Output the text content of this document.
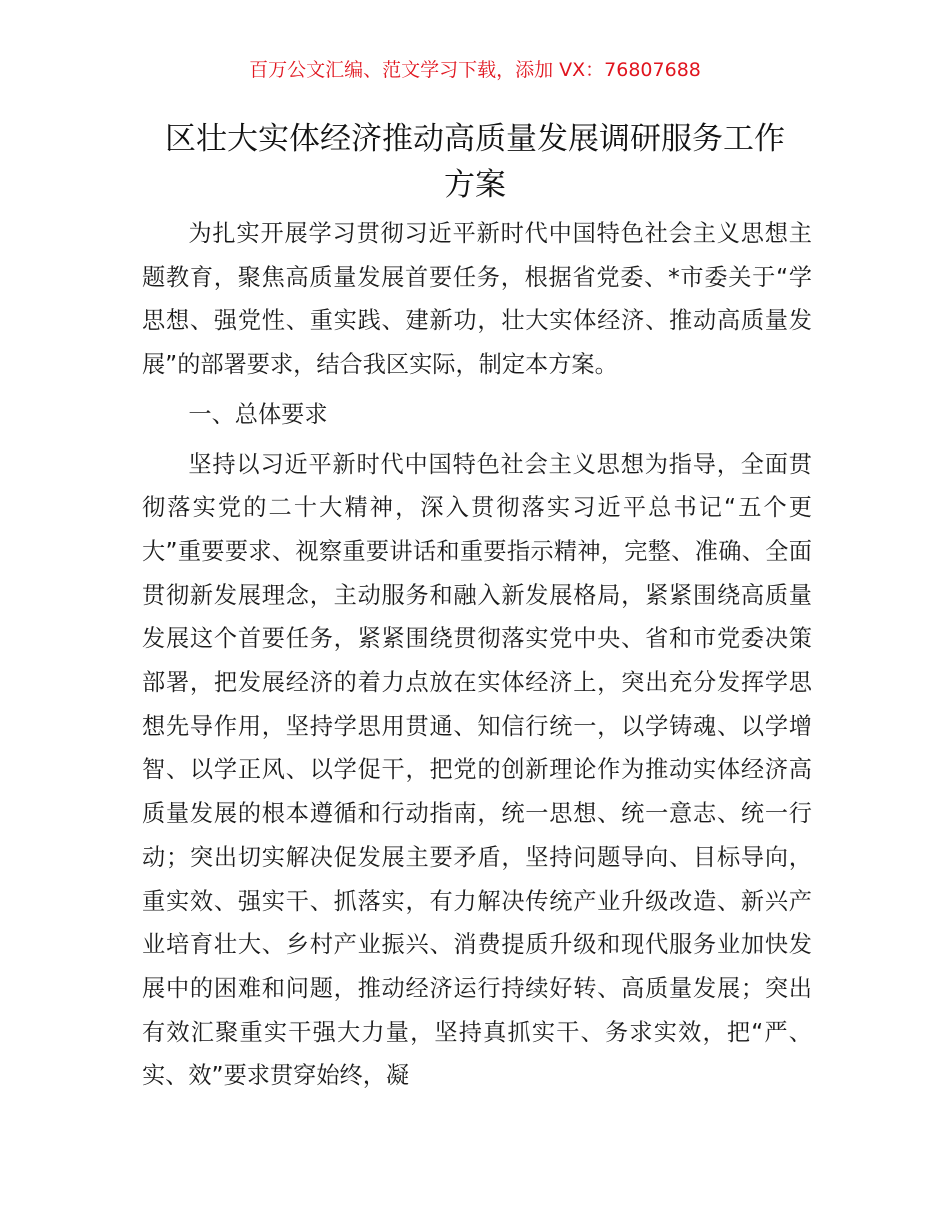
百万公文汇编、范文学习下载，添加 VX：76807688
区壮大实体经济推动高质量发展调研服务工作
方案

为扎实开展学习贯彻习近平新时代中国特色社会主义思想主题教育，聚焦高质量发展首要任务，根据省党委、*市委关于“学思想、强党性、重实践、建新功，壮大实体经济、推动高质量发展”的部署要求，结合我区实际，制定本方案。

一、总体要求

坚持以习近平新时代中国特色社会主义思想为指导，全面贯彻落实党的二十大精神，深入贯彻落实习近平总书记“五个更大”重要要求、视察重要讲话和重要指示精神，完整、准确、全面贯彻新发展理念，主动服务和融入新发展格局，紧紧围绕高质量发展这个首要任务，紧紧围绕贯彻落实党中央、省和市党委决策部署，把发展经济的着力点放在实体经济上，突出充分发挥学思想先导作用，坚持学思用贯通、知信行统一，以学铸魂、以学增智、以学正风、以学促干，把党的创新理论作为推动实体经济高质量发展的根本遵循和行动指南，统一思想、统一意志、统一行动；突出切实解决促发展主要矛盾，坚持问题导向、目标导向，重实效、强实干、抓落实，有力解决传统产业升级改造、新兴产业培育壮大、乡村产业振兴、消费提质升级和现代服务业加快发展中的困难和问题，推动经济运行持续好转、高质量发展；突出有效汇聚重实干强大力量，坚持真抓实干、务求实效，把“严、实、效”要求贯穿始终，凝
